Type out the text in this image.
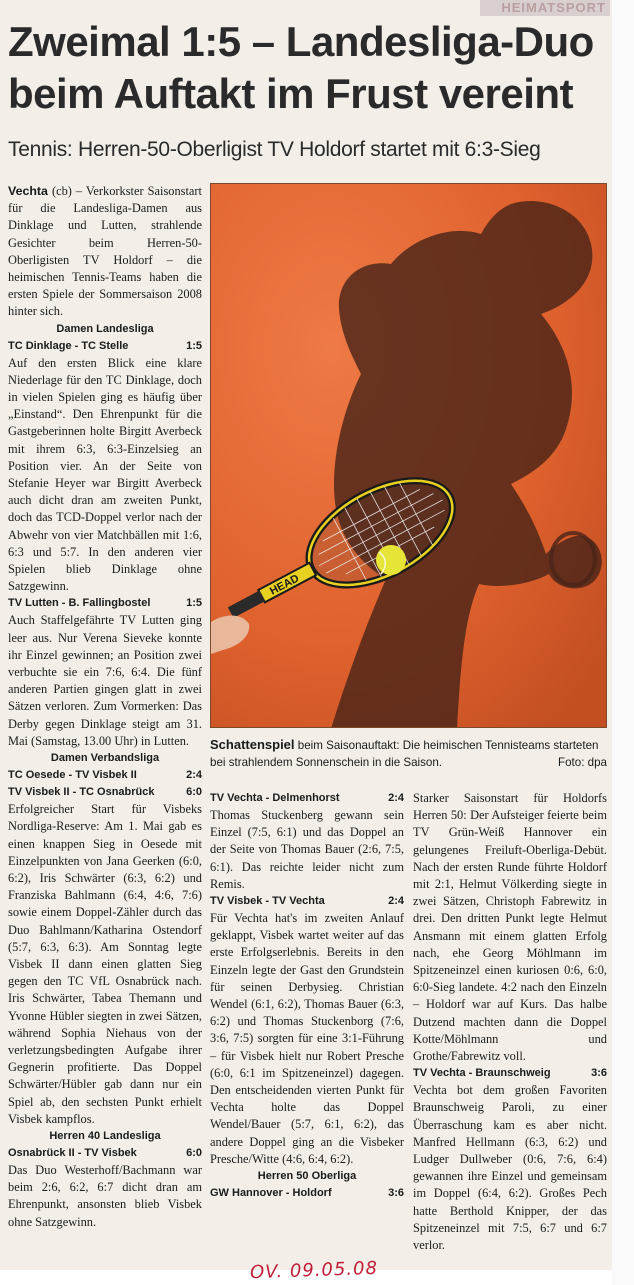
HEIMATSPORT
Zweimal 1:5 – Landesliga-Duo beim Auftakt im Frust vereint
Tennis: Herren-50-Oberligist TV Holdorf startet mit 6:3-Sieg

Vechta (cb) – Verkorkster Saisonstart für die Landesliga-Damen aus Dinklage und Lutten, strahlende Gesichter beim Herren-50-Oberligisten TV Holdorf – die heimischen Tennis-Teams haben die ersten Spiele der Sommersaison 2008 hinter sich.

Damen Landesliga
TC Dinklage - TC Stelle	1:5

Auf den ersten Blick eine klare Niederlage für den TC Dinklage, doch in vielen Spielen ging es häufig über „Einstand“. Den Ehrenpunkt für die Gastgeberinnen holte Birgitt Averbeck mit ihrem 6:3, 6:3-Einzelsieg an Position vier. An der Seite von Stefanie Heyer war Birgitt Averbeck auch dicht dran am zweiten Punkt, doch das TCD-Doppel verlor nach der Abwehr von vier Matchbällen mit 1:6, 6:3 und 5:7. In den anderen vier Spielen blieb Dinklage ohne Satzgewinn.

TV Lutten - B. Fallingbostel	1:5

Auch Staffelgefährte TV Lutten ging leer aus. Nur Verena Sieveke konnte ihr Einzel gewinnen; an Position zwei verbuchte sie ein 7:6, 6:4. Die fünf anderen Partien gingen glatt in zwei Sätzen verloren. Zum Vormerken: Das Derby gegen Dinklage steigt am 31. Mai (Samstag, 13.00 Uhr) in Lutten.

Damen Verbandsliga
TC Oesede - TV Visbek II	2:4
TV Visbek II - TC Osnabrück	6:0

Erfolgreicher Start für Visbeks Nordliga-Reserve: Am 1. Mai gab es einen knappen Sieg in Oesede mit Einzelpunkten von Jana Geerken (6:0, 6:2), Iris Schwärter (6:3, 6:2) und Franziska Bahlmann (6:4, 4:6, 7:6) sowie einem Doppel-Zähler durch das Duo Bahlmann/Katharina Ostendorf (5:7, 6:3, 6:3). Am Sonntag legte Visbek II dann einen glatten Sieg gegen den TC VfL Osnabrück nach. Iris Schwärter, Tabea Themann und Yvonne Hübler siegten in zwei Sätzen, während Sophia Niehaus von der verletzungsbedingten Aufgabe ihrer Gegnerin profitierte. Das Doppel Schwärter/Hübler gab dann nur ein Spiel ab, den sechsten Punkt erhielt Visbek kampflos.

Herren 40 Landesliga
Osnabrück II - TV Visbek	6:0

Das Duo Westerhoff/Bachmann war beim 2:6, 6:2, 6:7 dicht dran am Ehrenpunkt, ansonsten blieb Visbek ohne Satzgewinn.

HEAD
Schattenspiel beim Saisonauftakt: Die heimischen Tennisteams starteten bei strahlendem Sonnenschein in die Saison.	Foto: dpa
TV Vechta - Delmenhorst	2:4

Thomas Stuckenberg gewann sein Einzel (7:5, 6:1) und das Doppel an der Seite von Thomas Bauer (2:6, 7:5, 6:1). Das reichte leider nicht zum Remis.

TV Visbek - TV Vechta	2:4

Für Vechta hat's im zweiten Anlauf geklappt, Visbek wartet weiter auf das erste Erfolgserlebnis. Bereits in den Einzeln legte der Gast den Grundstein für seinen Derbysieg. Christian Wendel (6:1, 6:2), Thomas Bauer (6:3, 6:2) und Thomas Stuckenborg (7:6, 3:6, 7:5) sorgten für eine 3:1-Führung – für Visbek hielt nur Robert Presche (6:0, 6:1 im Spitzeneinzel) dagegen. Den entscheidenden vierten Punkt für Vechta holte das Doppel Wendel/Bauer (5:7, 6:1, 6:2), das andere Doppel ging an die Visbeker Presche/Witte (4:6, 6:4, 6:2).

Herren 50 Oberliga
GW Hannover - Holdorf	3:6

Starker Saisonstart für Holdorfs Herren 50: Der Aufsteiger feierte beim TV Grün-Weiß Hannover ein gelungenes Freiluft-Oberliga-Debüt. Nach der ersten Runde führte Holdorf mit 2:1, Helmut Völkerding siegte in zwei Sätzen, Christoph Fabrewitz in drei. Den dritten Punkt legte Helmut Ansmann mit einem glatten Erfolg nach, ehe Georg Möhlmann im Spitzeneinzel einen kuriosen 0:6, 6:0, 6:0-Sieg landete. 4:2 nach den Einzeln – Holdorf war auf Kurs. Das halbe Dutzend machten dann die Doppel Kotte/Möhlmann und Grothe/Fabrewitz voll.

TV Vechta - Braunschweig	3:6

Vechta bot dem großen Favoriten Braunschweig Paroli, zu einer Überraschung kam es aber nicht. Manfred Hellmann (6:3, 6:2) und Ludger Dullweber (0:6, 7:6, 6:4) gewannen ihre Einzel und gemeinsam im Doppel (6:4, 6:2). Großes Pech hatte Berthold Knipper, der das Spitzeneinzel mit 7:5, 6:7 und 6:7 verlor.

OV. 09.05.08
